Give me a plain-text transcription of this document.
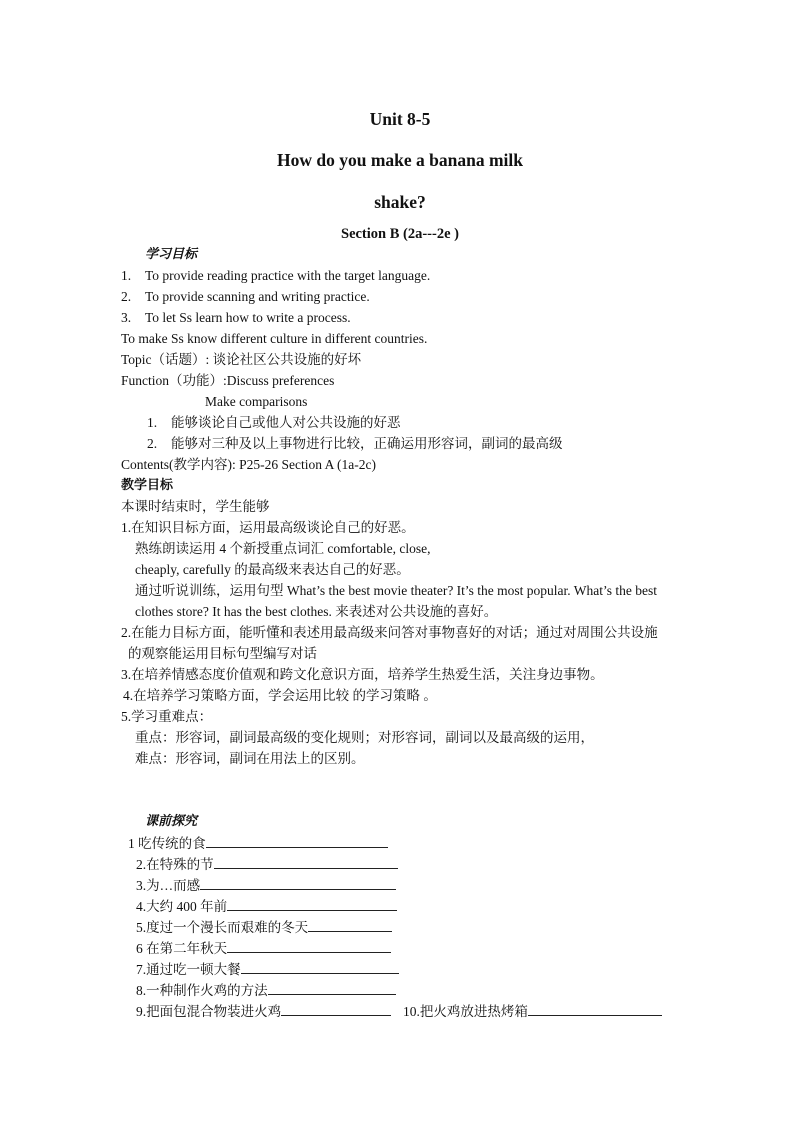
Unit 8-5
How do you make a banana milk
shake?
Section B (2a---2e )
学习目标
1. To provide reading practice with the target language.
2. To provide scanning and writing practice.
3. To let Ss learn how to write a process.
To make Ss know different culture in different countries.
Topic（话题）: 谈论社区公共设施的好坏
Function（功能）:Discuss preferences
Make comparisons
1. 能够谈论自己或他人对公共设施的好恶
2. 能够对三种及以上事物进行比较，正确运用形容词，副词的最高级
Contents(教学内容): P25-26 Section A (1a-2c)
教学目标
本课时结束时，学生能够
1.在知识目标方面，运用最高级谈论自己的好恶。
熟练朗读运用 4 个新授重点词汇 comfortable, close,
cheaply, carefully 的最高级来表达自己的好恶。
通过听说训练，运用句型 What’s the best movie theater? It’s the most popular. What’s the best
clothes store? It has the best clothes. 来表述对公共设施的喜好。
2.在能力目标方面，能听懂和表述用最高级来问答对事物喜好的对话；通过对周围公共设施
的观察能运用目标句型编写对话
3.在培养情感态度价值观和跨文化意识方面，培养学生热爱生活，关注身边事物。
4.在培养学习策略方面，学会运用比较 的学习策略 。
5.学习重难点：
重点：形容词，副词最高级的变化规则；对形容词，副词以及最高级的运用，
难点：形容词，副词在用法上的区别。
课前探究
1 吃传统的食
2.在特殊的节
3.为…而感
4.大约 400 年前
5.度过一个漫长而艰难的冬天
6 在第二年秋天
7.通过吃一顿大餐
8.一种制作火鸡的方法
9.把面包混合物装进火鸡	10.把火鸡放进热烤箱
